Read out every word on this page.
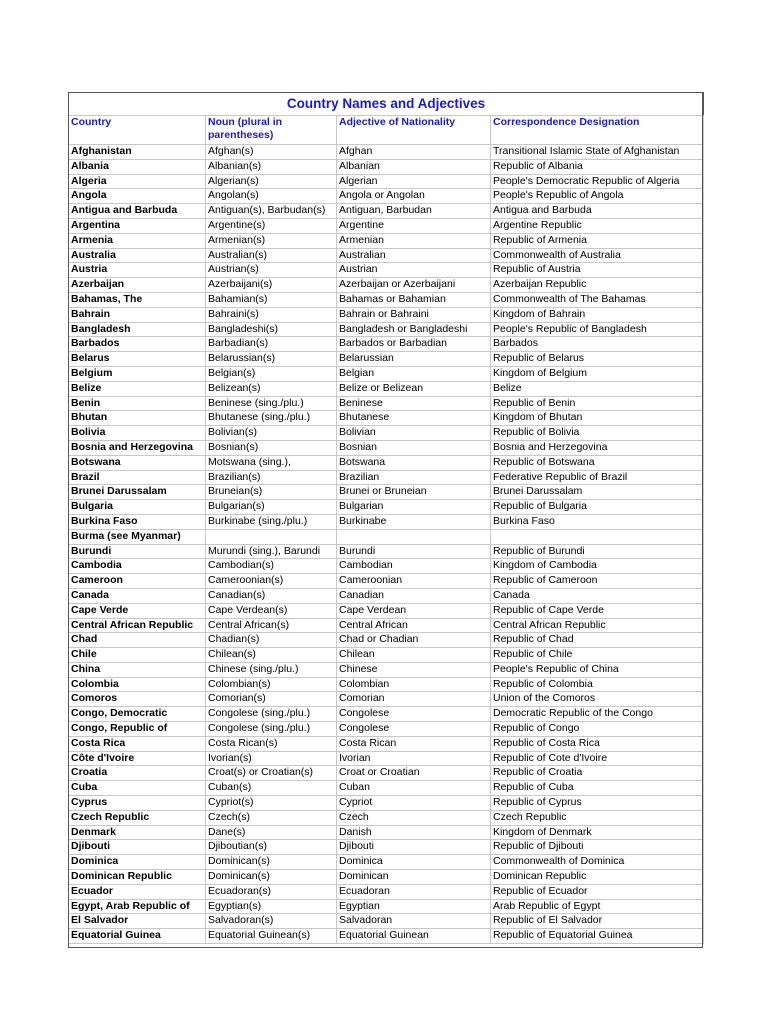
Country Names and Adjectives			
Country	Noun (plural in parentheses)	Adjective of Nationality	Correspondence Designation
Afghanistan	Afghan(s)	Afghan	Transitional Islamic State of Afghanistan
Albania	Albanian(s)	Albanian	Republic of Albania
Algeria	Algerian(s)	Algerian	People's Democratic Republic of Algeria
Angola	Angolan(s)	Angola or Angolan	People's Republic of Angola
Antigua and Barbuda	Antiguan(s), Barbudan(s)	Antiguan, Barbudan	Antigua and Barbuda
Argentina	Argentine(s)	Argentine	Argentine Republic
Armenia	Armenian(s)	Armenian	Republic of Armenia
Australia	Australian(s)	Australian	Commonwealth of Australia
Austria	Austrian(s)	Austrian	Republic of Austria
Azerbaijan	Azerbaijani(s)	Azerbaijan or Azerbaijani	Azerbaijan Republic
Bahamas, The	Bahamian(s)	Bahamas or Bahamian	Commonwealth of The Bahamas
Bahrain	Bahraini(s)	Bahrain or Bahraini	Kingdom of Bahrain
Bangladesh	Bangladeshi(s)	Bangladesh or Bangladeshi	People's Republic of Bangladesh
Barbados	Barbadian(s)	Barbados or Barbadian	Barbados
Belarus	Belarussian(s)	Belarussian	Republic of Belarus
Belgium	Belgian(s)	Belgian	Kingdom of Belgium
Belize	Belizean(s)	Belize or Belizean	Belize
Benin	Beninese (sing./plu.)	Beninese	Republic of Benin
Bhutan	Bhutanese (sing./plu.)	Bhutanese	Kingdom of Bhutan
Bolivia	Bolivian(s)	Bolivian	Republic of Bolivia
Bosnia and Herzegovina	Bosnian(s)	Bosnian	Bosnia and Herzegovina
Botswana	Motswana (sing.),	Botswana	Republic of Botswana
Brazil	Brazilian(s)	Brazilian	Federative Republic of Brazil
Brunei Darussalam	Bruneian(s)	Brunei or Bruneian	Brunei Darussalam
Bulgaria	Bulgarian(s)	Bulgarian	Republic of Bulgaria
Burkina Faso	Burkinabe (sing./plu.)	Burkinabe	Burkina Faso
Burma (see Myanmar)			
Burundi	Murundi (sing.), Barundi	Burundi	Republic of Burundi
Cambodia	Cambodian(s)	Cambodian	Kingdom of Cambodia
Cameroon	Cameroonian(s)	Cameroonian	Republic of Cameroon
Canada	Canadian(s)	Canadian	Canada
Cape Verde	Cape Verdean(s)	Cape Verdean	Republic of Cape Verde
Central African Republic	Central African(s)	Central African	Central African Republic
Chad	Chadian(s)	Chad or Chadian	Republic of Chad
Chile	Chilean(s)	Chilean	Republic of Chile
China	Chinese (sing./plu.)	Chinese	People's Republic of China
Colombia	Colombian(s)	Colombian	Republic of Colombia
Comoros	Comorian(s)	Comorian	Union of the Comoros
Congo, Democratic	Congolese (sing./plu.)	Congolese	Democratic Republic of the Congo
Congo, Republic of	Congolese (sing./plu.)	Congolese	Republic of Congo
Costa Rica	Costa Rican(s)	Costa Rican	Republic of Costa Rica
Côte d'Ivoire	Ivorian(s)	Ivorian	Republic of Cote d'Ivoire
Croatia	Croat(s) or Croatian(s)	Croat or Croatian	Republic of Croatia
Cuba	Cuban(s)	Cuban	Republic of Cuba
Cyprus	Cypriot(s)	Cypriot	Republic of Cyprus
Czech Republic	Czech(s)	Czech	Czech Republic
Denmark	Dane(s)	Danish	Kingdom of Denmark
Djibouti	Djiboutian(s)	Djibouti	Republic of Djibouti
Dominica	Dominican(s)	Dominica	Commonwealth of Dominica
Dominican Republic	Dominican(s)	Dominican	Dominican Republic
Ecuador	Ecuadoran(s)	Ecuadoran	Republic of Ecuador
Egypt, Arab Republic of	Egyptian(s)	Egyptian	Arab Republic of Egypt
El Salvador	Salvadoran(s)	Salvadoran	Republic of El Salvador
Equatorial Guinea	Equatorial Guinean(s)	Equatorial Guinean	Republic of Equatorial Guinea
